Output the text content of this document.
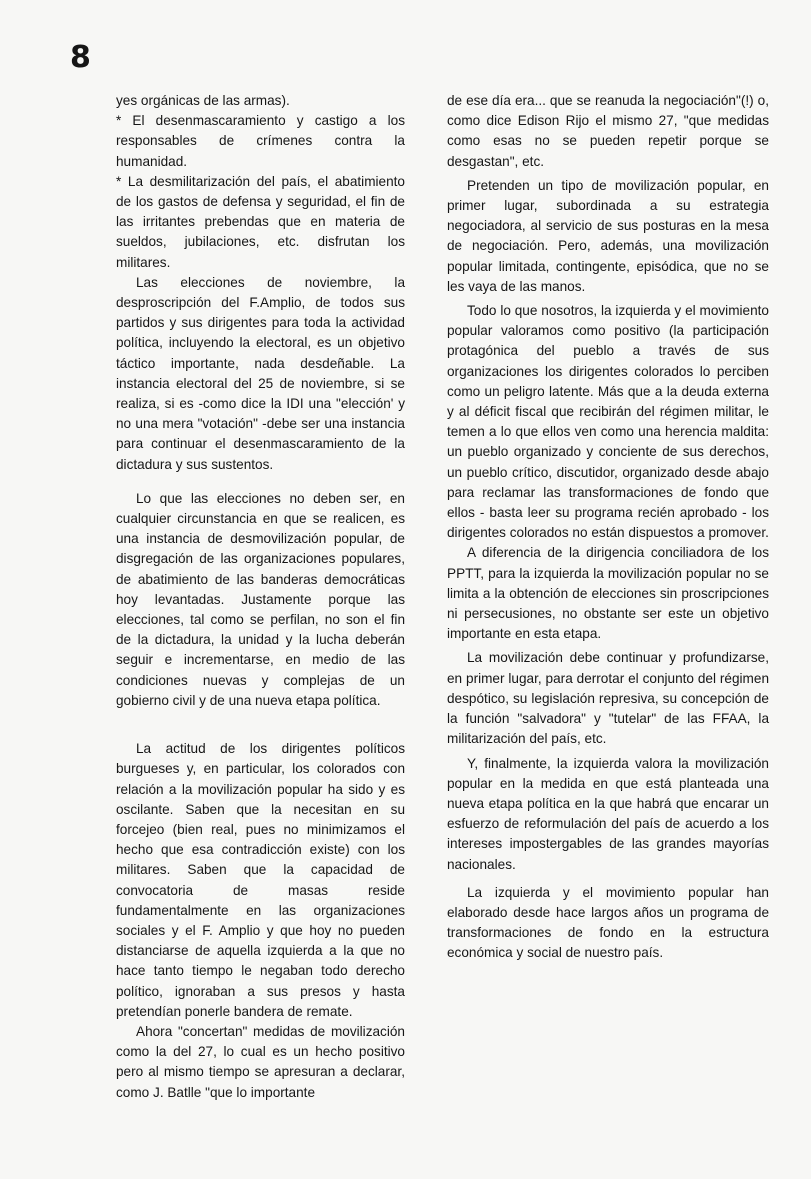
8

yes orgánicas de las armas).

* El desenmascaramiento y castigo a los responsables de crímenes contra la humanidad.

* La desmilitarización del país, el abatimiento de los gastos de defensa y seguridad, el fin de las irritantes prebendas que en materia de sueldos, jubilaciones, etc. disfrutan los militares.

Las elecciones de noviembre, la desproscripción del F.Amplio, de todos sus partidos y sus dirigentes para toda la actividad política, incluyendo la electoral, es un objetivo táctico importante, nada desdeñable. La instancia electoral del 25 de noviembre, si se realiza, si es -como dice la IDI una "elección' y no una mera "votación" -debe ser una instancia para continuar el desenmascaramiento de la dictadura y sus sustentos.

Lo que las elecciones no deben ser, en cualquier circunstancia en que se realicen, es una instancia de desmovilización popular, de disgregación de las organizaciones populares, de abatimiento de las banderas democráticas hoy levantadas. Justamente porque las elecciones, tal como se perfilan, no son el fin de la dictadura, la unidad y la lucha deberán seguir e incrementarse, en medio de las condiciones nuevas y complejas de un gobierno civil y de una nueva etapa política.

La actitud de los dirigentes políticos burgueses y, en particular, los colorados con relación a la movilización popular ha sido y es oscilante. Saben que la necesitan en su forcejeo (bien real, pues no minimizamos el hecho que esa contradicción existe) con los militares. Saben que la capacidad de convocatoria de masas reside fundamentalmente en las organizaciones sociales y el F. Amplio y que hoy no pueden distanciarse de aquella izquierda a la que no hace tanto tiempo le negaban todo derecho político, ignoraban a sus presos y hasta pretendían ponerle bandera de remate.

Ahora "concertan" medidas de movilización como la del 27, lo cual es un hecho positivo pero al mismo tiempo se apresuran a declarar, como J. Batlle "que lo importante

de ese día era... que se reanuda la negociación"(!) o, como dice Edison Rijo el mismo 27, "que medidas como esas no se pueden repetir porque se desgastan", etc.

Pretenden un tipo de movilización popular, en primer lugar, subordinada a su estrategia negociadora, al servicio de sus posturas en la mesa de negociación. Pero, además, una movilización popular limitada, contingente, episódica, que no se les vaya de las manos.

Todo lo que nosotros, la izquierda y el movimiento popular valoramos como positivo (la participación protagónica del pueblo a través de sus organizaciones los dirigentes colorados lo perciben como un peligro latente. Más que a la deuda externa y al déficit fiscal que recibirán del régimen militar, le temen a lo que ellos ven como una herencia maldita: un pueblo organizado y conciente de sus derechos, un pueblo crítico, discutidor, organizado desde abajo para reclamar las transformaciones de fondo que ellos - basta leer su programa recién aprobado - los dirigentes colorados no están dispuestos a promover.

A diferencia de la dirigencia conciliadora de los PPTT, para la izquierda la movilización popular no se limita a la obtención de elecciones sin proscripciones ni persecusiones, no obstante ser este un objetivo importante en esta etapa.

La movilización debe continuar y profundizarse, en primer lugar, para derrotar el conjunto del régimen despótico, su legislación represiva, su concepción de la función "salvadora" y "tutelar" de las FFAA, la militarización del país, etc.

Y, finalmente, la izquierda valora la movilización popular en la medida en que está planteada una nueva etapa política en la que habrá que encarar un esfuerzo de reformulación del país de acuerdo a los intereses impostergables de las grandes mayorías nacionales.

La izquierda y el movimiento popular han elaborado desde hace largos años un programa de transformaciones de fondo en la estructura económica y social de nuestro país.
